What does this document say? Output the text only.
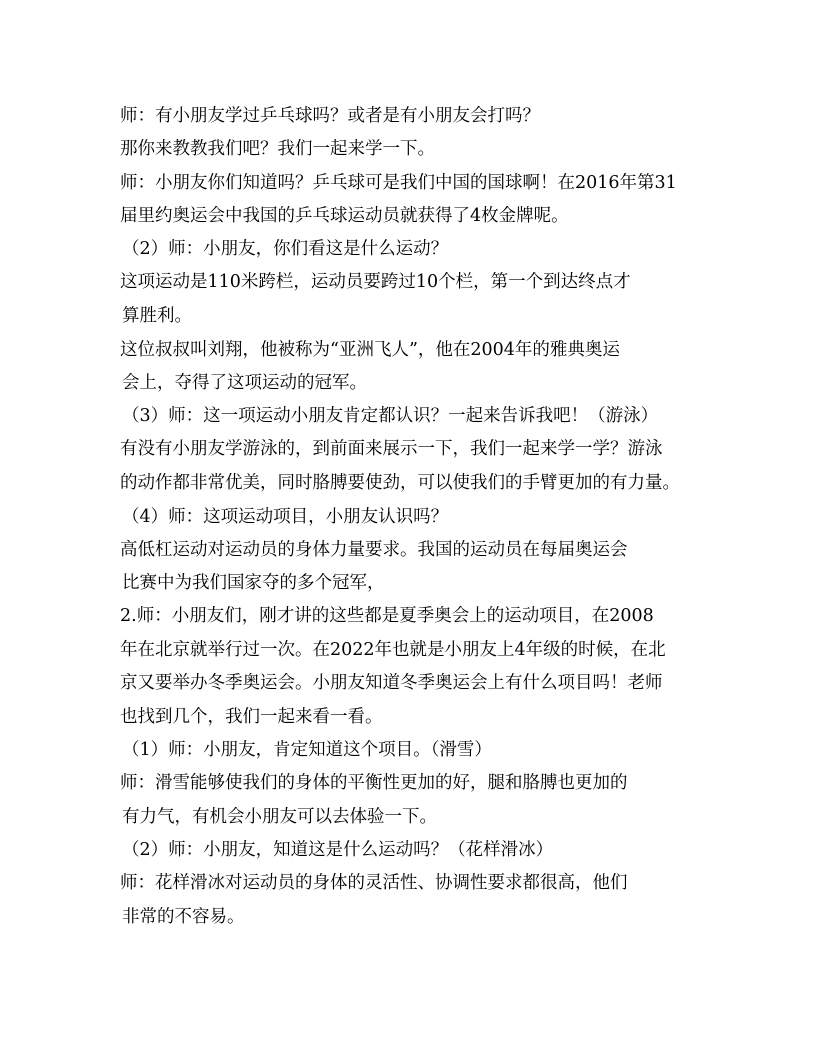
师：有小朋友学过乒乓球吗？或者是有小朋友会打吗？
那你来教教我们吧？我们一起来学一下。
师：小朋友你们知道吗？乒乓球可是我们中国的国球啊！在2016年第31
届里约奥运会中我国的乒乓球运动员就获得了4枚金牌呢。
（2）师：小朋友，你们看这是什么运动？
这项运动是110米跨栏，运动员要跨过10个栏，第一个到达终点才
算胜利。
这位叔叔叫刘翔，他被称为“亚洲飞人”，他在2004年的雅典奥运
会上，夺得了这项运动的冠军。
（3）师：这一项运动小朋友肯定都认识？一起来告诉我吧！（游泳）
有没有小朋友学游泳的，到前面来展示一下，我们一起来学一学？游泳
的动作都非常优美，同时胳膊要使劲，可以使我们的手臂更加的有力量。
（4）师：这项运动项目，小朋友认识吗？
高低杠运动对运动员的身体力量要求。我国的运动员在每届奥运会
比赛中为我们国家夺的多个冠军，
2.师：小朋友们，刚才讲的这些都是夏季奥会上的运动项目，在2008
年在北京就举行过一次。在2022年也就是小朋友上4年级的时候，在北
京又要举办冬季奥运会。小朋友知道冬季奥运会上有什么项目吗！老师
也找到几个，我们一起来看一看。
（1）师：小朋友，肯定知道这个项目。（滑雪）
师：滑雪能够使我们的身体的平衡性更加的好，腿和胳膊也更加的
有力气，有机会小朋友可以去体验一下。
（2）师：小朋友，知道这是什么运动吗？（花样滑冰）
师：花样滑冰对运动员的身体的灵活性、协调性要求都很高，他们
非常的不容易。
